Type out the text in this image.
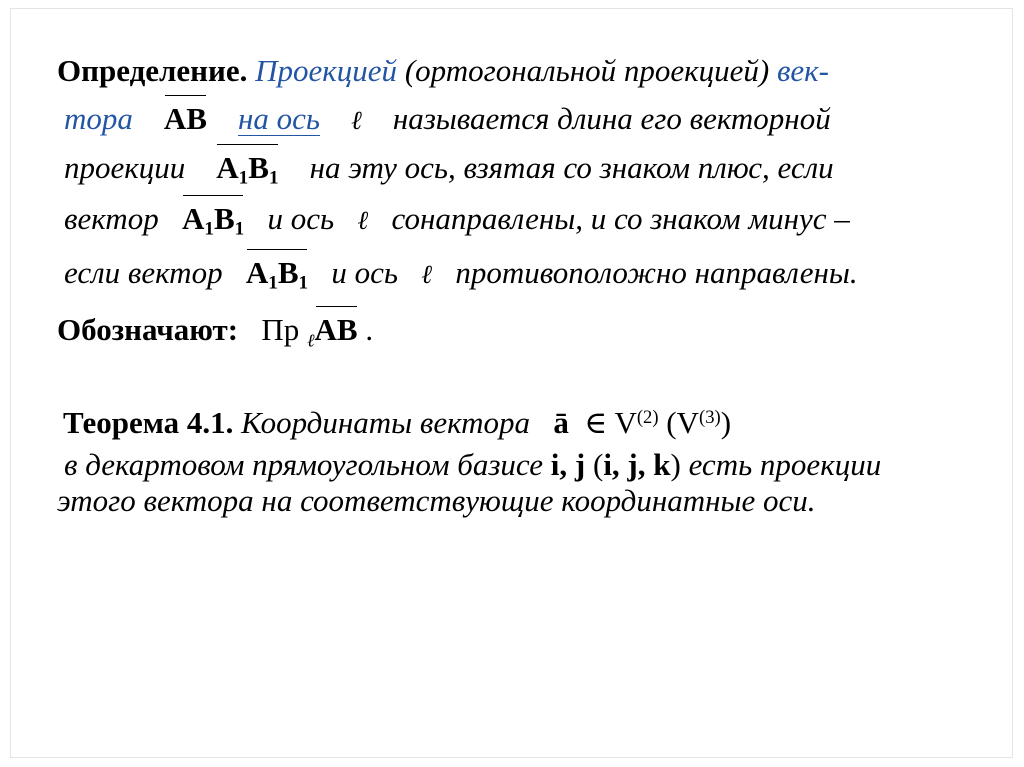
Определение. Проекцией (ортогональной проекцией) век-
тора AB на ось ℓ называется длина его векторной
проекции $A_1B_1$ на эту ось, взятая со знаком плюс, если
вектор $A_1B_1$ и ось ℓ сонаправлены, и со знаком минус –
если вектор $A_1B_1$ и ось ℓ противоположно направлены.
Обозначают: Пр $_\ell$AB .
Теорема 4.1. Координаты вектора ā ∈ $V^{(2)}$ $(V^{(3)})$
в декартовом прямоугольном базисе i, j (i, j, k) есть проекции
этого вектора на соответствующие координатные оси.
